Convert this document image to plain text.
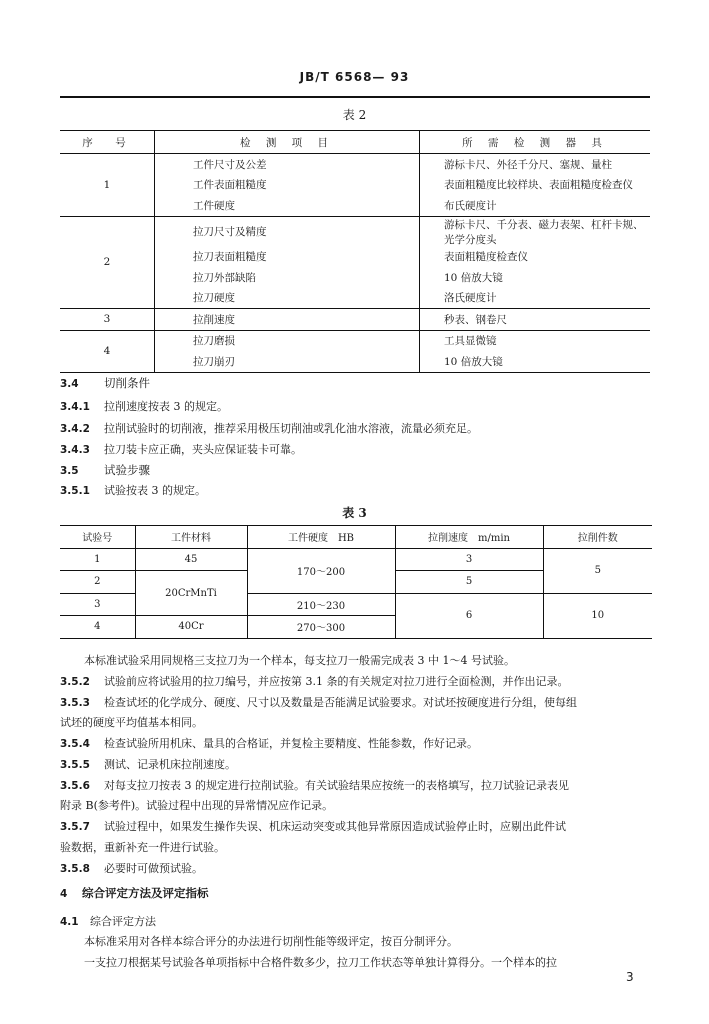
JB/T 6568— 93
表 2
序　号	检 测 项 目	所 需 检 测 器 具
1	工件尺寸及公差	游标卡尺、外径千分尺、塞规、量柱
	工件表面粗糙度	表面粗糙度比较样块、表面粗糙度检查仪
	工件硬度	布氏硬度计
2	拉刀尺寸及精度	游标卡尺、千分表、磁力表架、杠杆卡规、光学分度头
	拉刀表面粗糙度	表面粗糙度检查仪
	拉刀外部缺陷	10 倍放大镜
	拉刀硬度	洛氏硬度计
3	拉削速度	秒表、钢卷尺
4	拉刀磨损	工具显微镜
	拉刀崩刃	10 倍放大镜
3.4 切削条件
3.4.1 拉削速度按表 3 的规定。
3.4.2 拉削试验时的切削液，推荐采用极压切削油或乳化油水溶液，流量必须充足。
3.4.3 拉刀装卡应正确，夹头应保证装卡可靠。
3.5 试验步骤
3.5.1 试验按表 3 的规定。
表 3
试验号	工件材料	工件硬度　HB	拉削速度　m/min	拉削件数
1	45	170～200	3	5
2	20CrMnTi		5	
3		210～230	6	10
4	40Cr	270～300		
本标准试验采用同规格三支拉刀为一个样本，每支拉刀一般需完成表 3 中 1～4 号试验。
3.5.2 试验前应将试验用的拉刀编号，并应按第 3.1 条的有关规定对拉刀进行全面检测，并作出记录。
3.5.3 检查试坯的化学成分、硬度、尺寸以及数量是否能满足试验要求。对试坯按硬度进行分组，使每组
试坯的硬度平均值基本相同。
3.5.4 检查试验所用机床、量具的合格证，并复检主要精度、性能参数，作好记录。
3.5.5 测试、记录机床拉削速度。
3.5.6 对每支拉刀按表 3 的规定进行拉削试验。有关试验结果应按统一的表格填写，拉刀试验记录表见
附录 B(参考件)。试验过程中出现的异常情况应作记录。
3.5.7 试验过程中，如果发生操作失误、机床运动突变或其他异常原因造成试验停止时，应剔出此件试
验数据，重新补充一件进行试验。
3.5.8 必要时可做预试验。
4 综合评定方法及评定指标
4.1 综合评定方法
本标准采用对各样本综合评分的办法进行切削性能等级评定，按百分制评分。
一支拉刀根据某号试验各单项指标中合格件数多少，拉刀工作状态等单独计算得分。一个样本的拉
3
